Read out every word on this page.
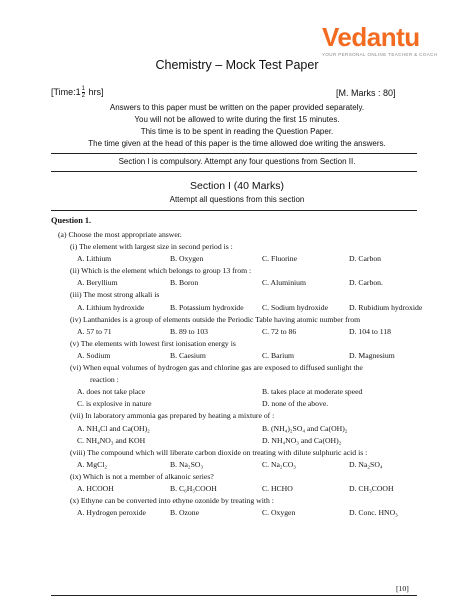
Vedantu
YOUR PERSONAL ONLINE TEACHER & COACH
Chemistry – Mock Test Paper
[Time:1 $\frac{1}{2} hrs$]	[M. Marks : 80]
Answers to this paper must be written on the paper provided separately.
You will not be allowed to write during the first 15 minutes.
This time is to be spent in reading the Question Paper.
The time given at the head of this paper is the time allowed doe writing the answers.
Section I is compulsory. Attempt any four questions from Section II.
Section I (40 Marks)
Attempt all questions from this section
Question 1.
(a) Choose the most appropriate answer.
(i) The element with largest size in second period is :
A. Lithium	B. Oxygen	C. Fluorine	D. Carbon
(ii) Which is the element which belongs to group 13 from :
A. Beryllium	B. Boron	C. Aluminium	D. Carbon.
(iii) The most strong alkali is
A. Lithium hydroxide	B. Potassium hydroxide C. Sodium hydroxide	D. Rubidium hydroxide
(iv) Lanthanides is a group of elements outside the Periodic Table having atomic number from
A. 57 to 71	B. 89 to 103	C. 72 to 86	D. 104 to 118
(v) The elements with lowest first ionisation energy is
A. Sodium	B. Caesium	C. Barium	D. Magnesium
(vi) When equal volumes of hydrogen gas and chlorine gas are exposed to diffused sunlight the
reaction :
A. does not take place	B. takes place at moderate speed
C. is explosive in nature	D. none of the above.
(vii) In laboratory ammonia gas prepared by heating a mixture of :
A. NH₄Cl and Ca(OH)₂	B. (NH₄)₂SO₄ and Ca(OH)₂
C. NH₄NO₃ and KOH	D. NH₄NO₃ and Ca(OH)₂
(viii) The compound which will liberate carbon dioxide on treating with dilute sulphuric acid is :
A. MgCl₂	B. Na₂SO₃	C. Na₂CO₃	D. Na₂SO₄
(ix) Which is not a member of alkanoic series?
A. HCOOH	B. C₆H₅COOH	C. HCHO	D. CH₃COOH
(x) Ethyne can be converted into ethyne ozonide by treating with :
A. Hydrogen peroxide	B. Ozone	C. Oxygen	D. Conc. HNO₃
[10]
